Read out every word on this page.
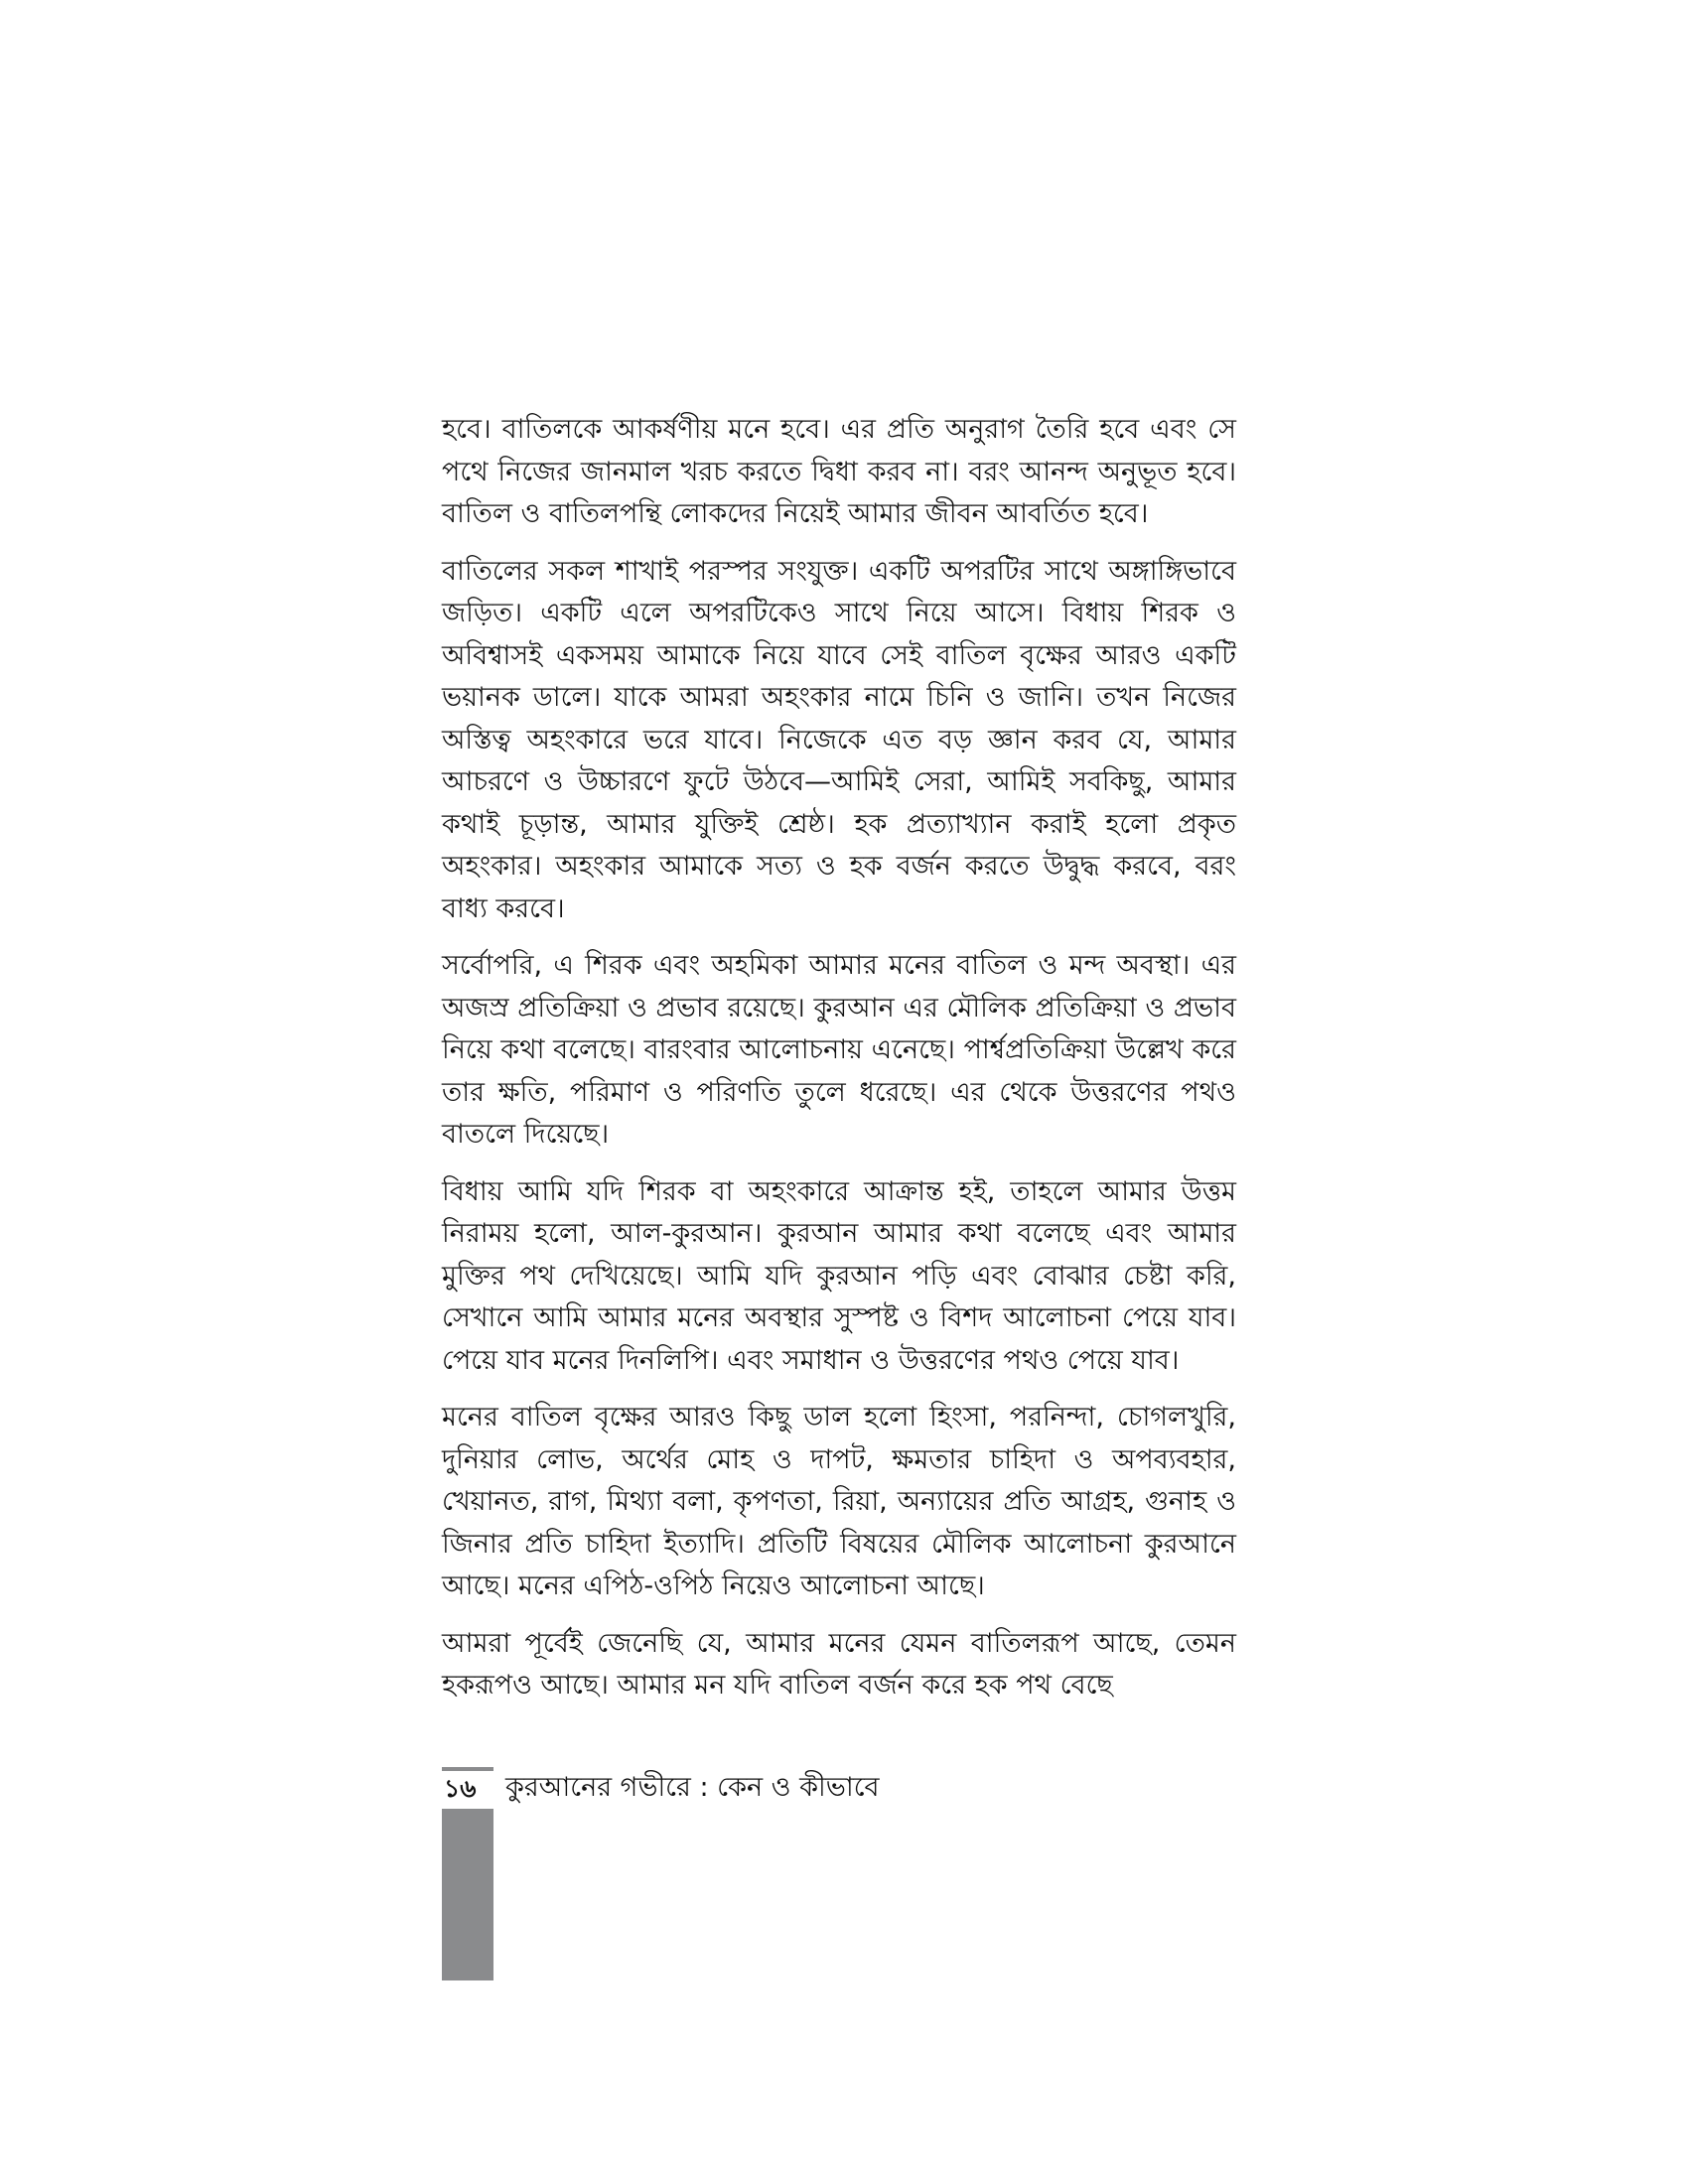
হবে। বাতিলকে আকর্ষণীয় মনে হবে। এর প্রতি অনুরাগ তৈরি হবে এবং সে পথে নিজের জানমাল খরচ করতে দ্বিধা করব না। বরং আনন্দ অনুভূত হবে। বাতিল ও বাতিলপন্থি লোকদের নিয়েই আমার জীবন আবর্তিত হবে।

বাতিলের সকল শাখাই পরস্পর সংযুক্ত। একটি অপরটির সাথে অঙ্গাঙ্গিভাবে জড়িত। একটি এলে অপরটিকেও সাথে নিয়ে আসে। বিধায় শিরক ও অবিশ্বাসই একসময় আমাকে নিয়ে যাবে সেই বাতিল বৃক্ষের আরও একটি ভয়ানক ডালে। যাকে আমরা অহংকার নামে চিনি ও জানি। তখন নিজের অস্তিত্ব অহংকারে ভরে যাবে। নিজেকে এত বড় জ্ঞান করব যে, আমার আচরণে ও উচ্চারণে ফুটে উঠবে—আমিই সেরা, আমিই সবকিছু, আমার কথাই চূড়ান্ত, আমার যুক্তিই শ্রেষ্ঠ। হক প্রত্যাখ্যান করাই হলো প্রকৃত অহংকার। অহংকার আমাকে সত্য ও হক বর্জন করতে উদ্বুদ্ধ করবে, বরং বাধ্য করবে।

সর্বোপরি, এ শিরক এবং অহমিকা আমার মনের বাতিল ও মন্দ অবস্থা। এর অজস্র প্রতিক্রিয়া ও প্রভাব রয়েছে। কুরআন এর মৌলিক প্রতিক্রিয়া ও প্রভাব নিয়ে কথা বলেছে। বারংবার আলোচনায় এনেছে। পার্শ্বপ্রতিক্রিয়া উল্লেখ করে তার ক্ষতি, পরিমাণ ও পরিণতি তুলে ধরেছে। এর থেকে উত্তরণের পথও বাতলে দিয়েছে।

বিধায় আমি যদি শিরক বা অহংকারে আক্রান্ত হই, তাহলে আমার উত্তম নিরাময় হলো, আল-কুরআন। কুরআন আমার কথা বলেছে এবং আমার মুক্তির পথ দেখিয়েছে। আমি যদি কুরআন পড়ি এবং বোঝার চেষ্টা করি, সেখানে আমি আমার মনের অবস্থার সুস্পষ্ট ও বিশদ আলোচনা পেয়ে যাব। পেয়ে যাব মনের দিনলিপি। এবং সমাধান ও উত্তরণের পথও পেয়ে যাব।

মনের বাতিল বৃক্ষের আরও কিছু ডাল হলো হিংসা, পরনিন্দা, চোগলখুরি, দুনিয়ার লোভ, অর্থের মোহ ও দাপট, ক্ষমতার চাহিদা ও অপব্যবহার, খেয়ানত, রাগ, মিথ্যা বলা, কৃপণতা, রিয়া, অন্যায়ের প্রতি আগ্রহ, গুনাহ ও জিনার প্রতি চাহিদা ইত্যাদি। প্রতিটি বিষয়ের মৌলিক আলোচনা কুরআনে আছে। মনের এপিঠ-ওপিঠ নিয়েও আলোচনা আছে।

আমরা পূর্বেই জেনেছি যে, আমার মনের যেমন বাতিলরূপ আছে, তেমন হকরূপও আছে। আমার মন যদি বাতিল বর্জন করে হক পথ বেছে

১৬ কুরআনের গভীরে : কেন ও কীভাবে
